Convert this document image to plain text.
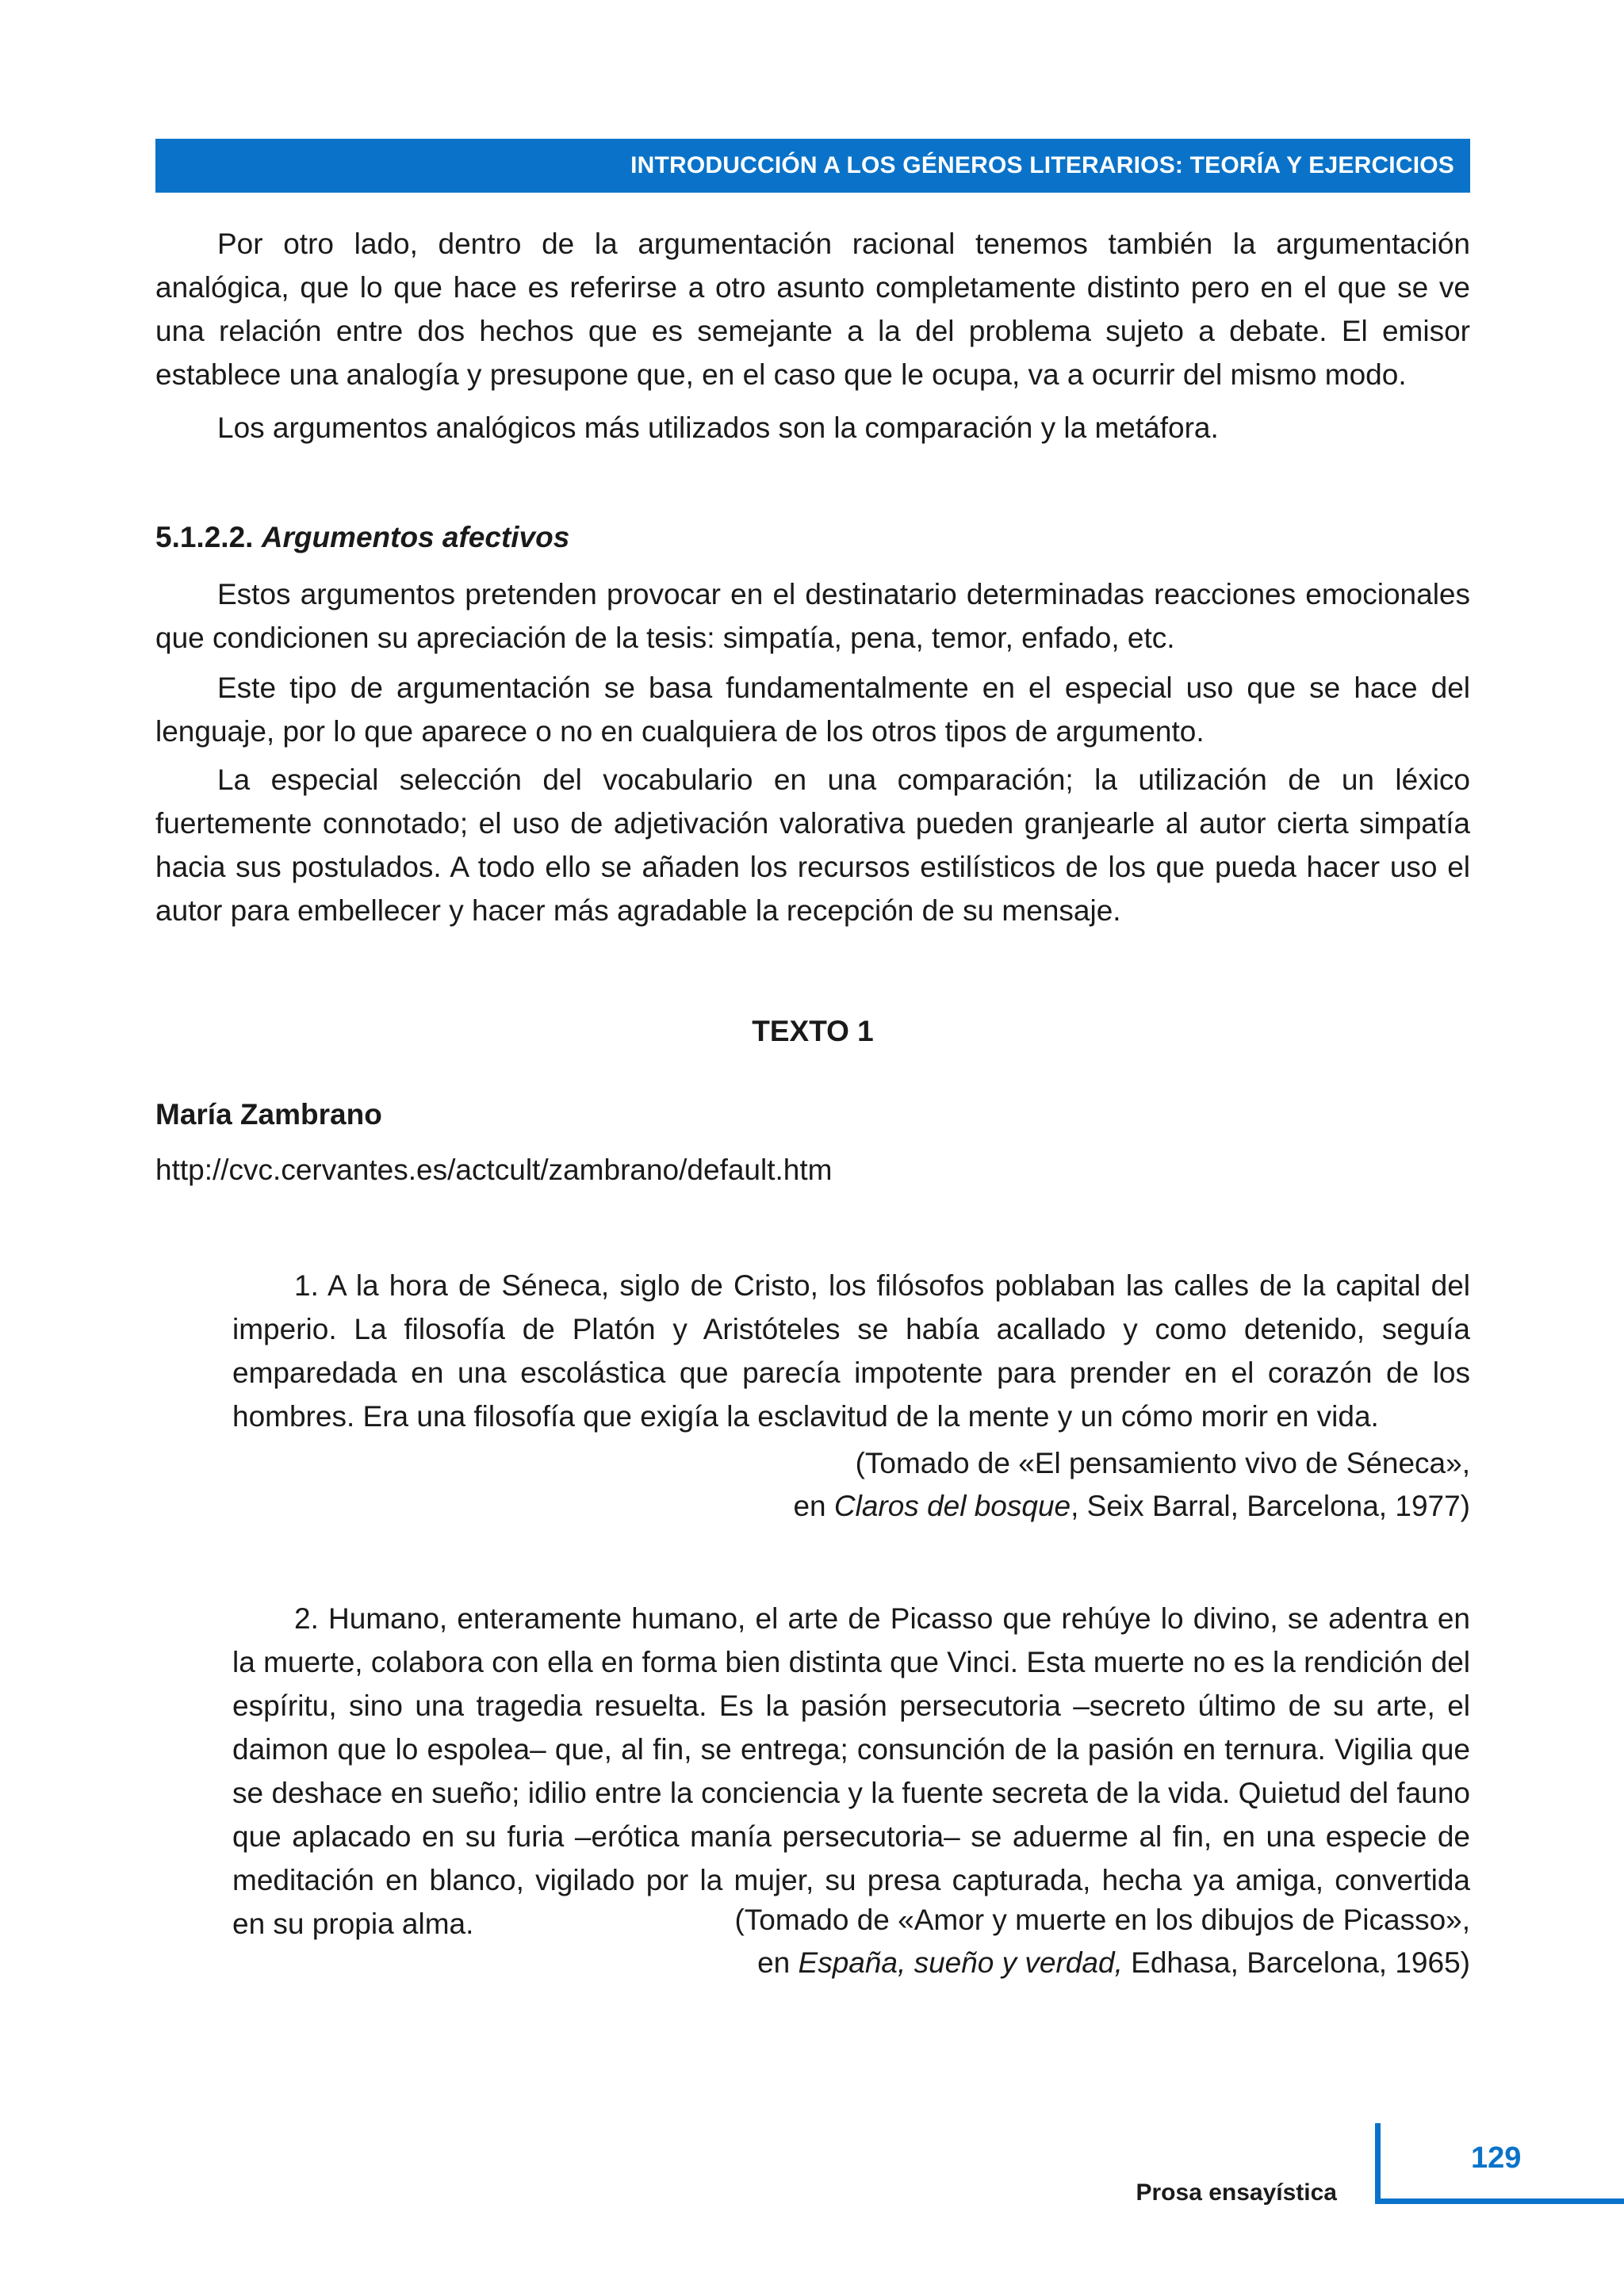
INTRODUCCIÓN A LOS GÉNEROS LITERARIOS: TEORÍA Y EJERCICIOS

Por otro lado, dentro de la argumentación racional tenemos también la argumentación analógica, que lo que hace es referirse a otro asunto completamente distinto pero en el que se ve una relación entre dos hechos que es semejante a la del problema sujeto a debate. El emisor establece una analogía y presupone que, en el caso que le ocupa, va a ocurrir del mismo modo.

Los argumentos analógicos más utilizados son la comparación y la metáfora.

5.1.2.2. Argumentos afectivos

Estos argumentos pretenden provocar en el destinatario determinadas reacciones emocionales que condicionen su apreciación de la tesis: simpatía, pena, temor, enfado, etc.

Este tipo de argumentación se basa fundamentalmente en el especial uso que se hace del lenguaje, por lo que aparece o no en cualquiera de los otros tipos de argumento.

La especial selección del vocabulario en una comparación; la utilización de un léxico fuertemente connotado; el uso de adjetivación valorativa pueden granjearle al autor cierta simpatía hacia sus postulados. A todo ello se añaden los recursos estilísticos de los que pueda hacer uso el autor para embellecer y hacer más agradable la recepción de su mensaje.

TEXTO 1

María Zambrano

http://cvc.cervantes.es/actcult/zambrano/default.htm

1. A la hora de Séneca, siglo de Cristo, los filósofos poblaban las calles de la capital del imperio. La filosofía de Platón y Aristóteles se había acallado y como detenido, seguía emparedada en una escolástica que parecía impotente para prender en el corazón de los hombres. Era una filosofía que exigía la esclavitud de la mente y un cómo morir en vida.

(Tomado de «El pensamiento vivo de Séneca»,

en Claros del bosque, Seix Barral, Barcelona, 1977)

2. Humano, enteramente humano, el arte de Picasso que rehúye lo divino, se adentra en la muerte, colabora con ella en forma bien distinta que Vinci. Esta muerte no es la rendición del espíritu, sino una tragedia resuelta. Es la pasión persecutoria –secreto último de su arte, el daimon que lo espolea– que, al fin, se entrega; consunción de la pasión en ternura. Vigilia que se deshace en sueño; idilio entre la conciencia y la fuente secreta de la vida. Quietud del fauno que aplacado en su furia –erótica manía persecutoria– se aduerme al fin, en una especie de meditación en blanco, vigilado por la mujer, su presa capturada, hecha ya amiga, convertida en su propia alma.	(Tomado de «Amor y muerte en los dibujos de Picasso»,

en España, sueño y verdad, Edhasa, Barcelona, 1965)

129
Prosa ensayística
